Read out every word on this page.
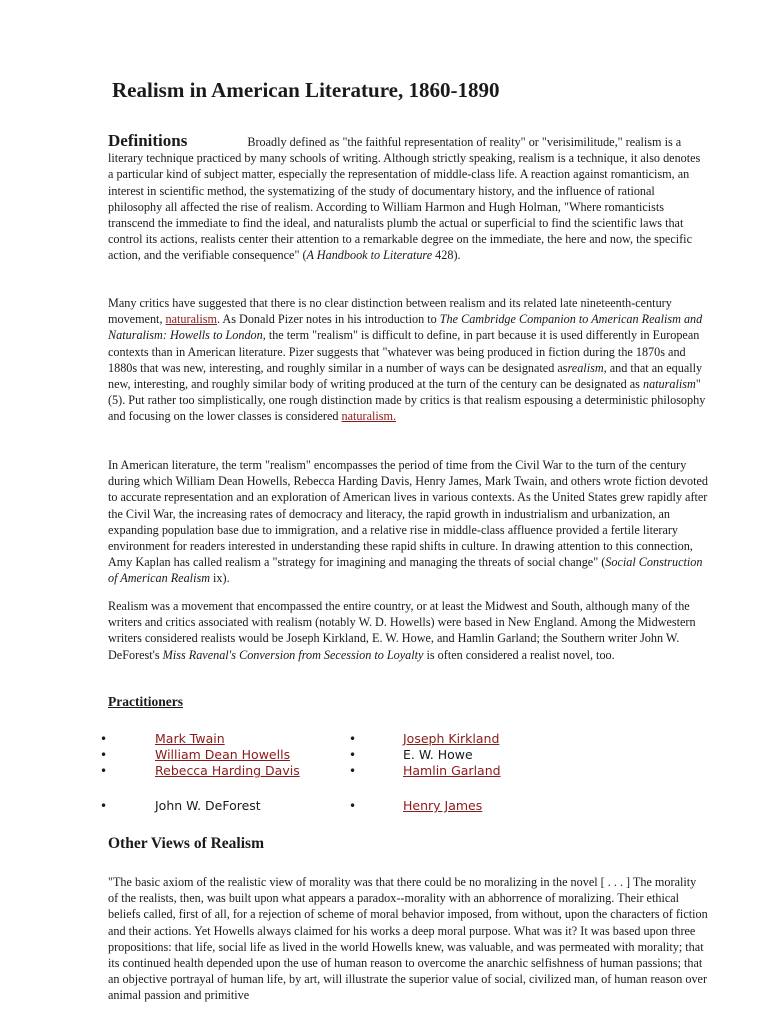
Realism in American Literature, 1860-1890

Definitions	Broadly defined as "the faithful representation of reality" or "verisimilitude," realism is a literary technique practiced by many schools of writing. Although strictly speaking, realism is a technique, it also denotes a particular kind of subject matter, especially the representation of middle-class life. A reaction against romanticism, an interest in scientific method, the systematizing of the study of documentary history, and the influence of rational philosophy all affected the rise of realism. According to William Harmon and Hugh Holman, "Where romanticists transcend the immediate to find the ideal, and naturalists plumb the actual or superficial to find the scientific laws that control its actions, realists center their attention to a remarkable degree on the immediate, the here and now, the specific action, and the verifiable consequence" (A Handbook to Literature 428).

Many critics have suggested that there is no clear distinction between realism and its related late nineteenth-century movement, naturalism. As Donald Pizer notes in his introduction to The Cambridge Companion to American Realism and Naturalism: Howells to London, the term "realism" is difficult to define, in part because it is used differently in European contexts than in American literature. Pizer suggests that "whatever was being produced in fiction during the 1870s and 1880s that was new, interesting, and roughly similar in a number of ways can be designated asrealism, and that an equally new, interesting, and roughly similar body of writing produced at the turn of the century can be designated as naturalism" (5). Put rather too simplistically, one rough distinction made by critics is that realism espousing a deterministic philosophy and focusing on the lower classes is considered naturalism.

In American literature, the term "realism" encompasses the period of time from the Civil War to the turn of the century during which William Dean Howells, Rebecca Harding Davis, Henry James, Mark Twain, and others wrote fiction devoted to accurate representation and an exploration of American lives in various contexts. As the United States grew rapidly after the Civil War, the increasing rates of democracy and literacy, the rapid growth in industrialism and urbanization, an expanding population base due to immigration, and a relative rise in middle-class affluence provided a fertile literary environment for readers interested in understanding these rapid shifts in culture. In drawing attention to this connection, Amy Kaplan has called realism a "strategy for imagining and managing the threats of social change" (Social Construction of American Realism ix).

Realism was a movement that encompassed the entire country, or at least the Midwest and South, although many of the writers and critics associated with realism (notably W. D. Howells) were based in New England. Among the Midwestern writers considered realists would be Joseph Kirkland, E. W. Howe, and Hamlin Garland; the Southern writer John W. DeForest's Miss Ravenal's Conversion from Secession to Loyalty is often considered a realist novel, too.

Practitioners
•	Mark Twain
•	William Dean Howells
•	Rebecca Harding Davis
•	John W. DeForest
•	Joseph Kirkland
•	E. W. Howe
•	Hamlin Garland
•	Henry James
Other Views of Realism

"The basic axiom of the realistic view of morality was that there could be no moralizing in the novel [ . . . ] The morality of the realists, then, was built upon what appears a paradox--morality with an abhorrence of moralizing. Their ethical beliefs called, first of all, for a rejection of scheme of moral behavior imposed, from without, upon the characters of fiction and their actions. Yet Howells always claimed for his works a deep moral purpose. What was it? It was based upon three propositions: that life, social life as lived in the world Howells knew, was valuable, and was permeated with morality; that its continued health depended upon the use of human reason to overcome the anarchic selfishness of human passions; that an objective portrayal of human life, by art, will illustrate the superior value of social, civilized man, of human reason over animal passion and primitive
